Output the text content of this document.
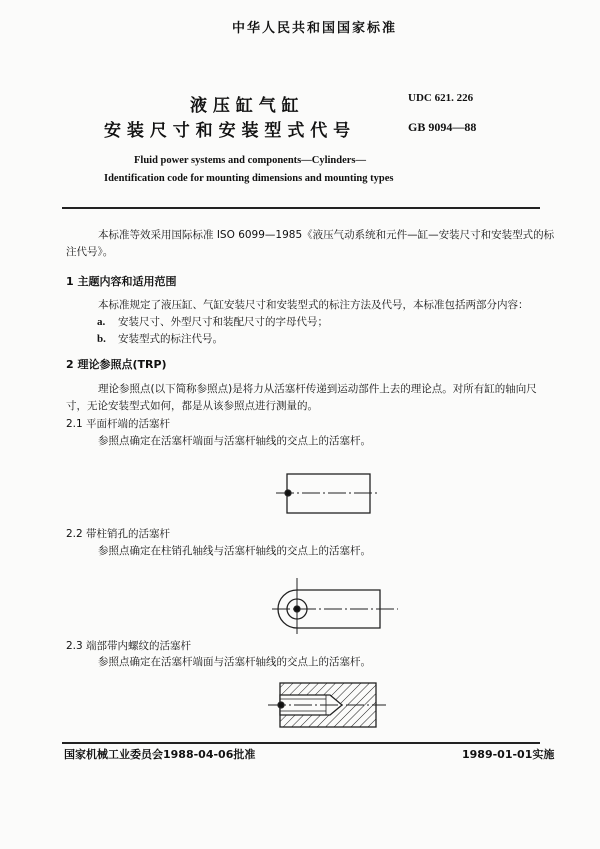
中华人民共和国国家标准
液 压 缸 气 缸
安 装 尺 寸 和 安 装 型 式 代 号
UDC 621. 226
GB 9094—88
Fluid power systems and components—Cylinders—
Identification code for mounting dimensions and mounting types
本标准等效采用国际标准 ISO 6099—1985《液压气动系统和元件—缸—安装尺寸和安装型式的标
注代号》。
1 主题内容和适用范围
本标准规定了液压缸、气缸安装尺寸和安装型式的标注方法及代号，本标准包括两部分内容：
a. 安装尺寸、外型尺寸和装配尺寸的字母代号；
b. 安装型式的标注代号。
2 理论参照点(TRP)
理论参照点(以下简称参照点)是将力从活塞杆传递到运动部件上去的理论点。对所有缸的轴向尺
寸，无论安装型式如何，都是从该参照点进行测量的。
2.1 平面杆端的活塞杆
参照点确定在活塞杆端面与活塞杆轴线的交点上的活塞杆。
2.2 带柱销孔的活塞杆
参照点确定在柱销孔轴线与活塞杆轴线的交点上的活塞杆。
2.3 端部带内螺纹的活塞杆
参照点确定在活塞杆端面与活塞杆轴线的交点上的活塞杆。
国家机械工业委员会1988-04-06批准	1989-01-01实施
